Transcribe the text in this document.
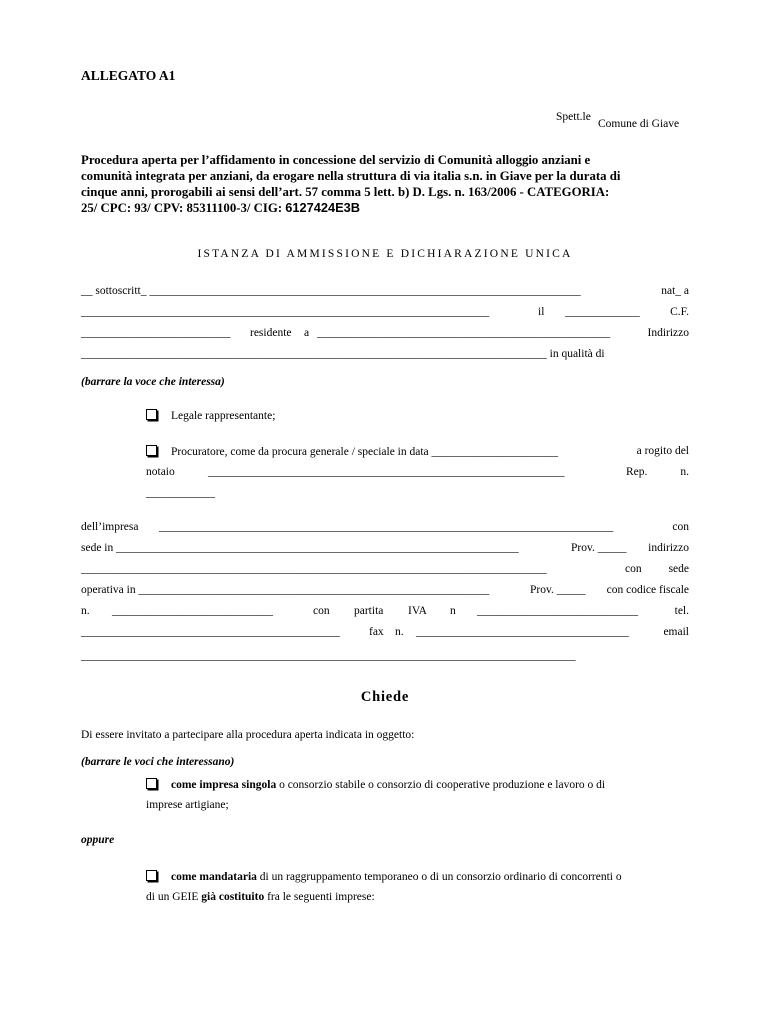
ALLEGATO A1
Spett.le
Comune di Giave
Procedura aperta per l’affidamento in concessione del servizio di Comunità alloggio anziani e
comunità integrata per anziani, da erogare nella struttura di via italia s.n. in Giave per la durata di
cinque anni, prorogabili ai sensi dell’art. 57 comma 5 lett. b) D. Lgs. n. 163/2006 - CATEGORIA:
25/ CPC: 93/ CPV: 85311100-3/ CIG: 6127424E3B
ISTANZA DI AMMISSIONE E DICHIARAZIONE UNICA
__ sottoscritt_ ___________________________________________________________________________	nat_ a
_______________________________________________________________________	il _____________	C.F.
__________________________ residente a ___________________________________________________	Indirizzo
_________________________________________________________________________________ in qualità di
(barrare la voce che interessa)
Legale rappresentante;
Procuratore, come da procura generale / speciale in data ______________________	a rogito del
notaio	______________________________________________________________	Rep.	n.
____________
dell’impresa _______________________________________________________________________________	con
sede in ______________________________________________________________________	Prov. _____ indirizzo
_________________________________________________________________________________	con sede
operativa in _____________________________________________________________	Prov. _____ con codice fiscale
n. ____________________________	con partita IVA n ____________________________	tel.
_____________________________________________	fax n. _____________________________________	email
______________________________________________________________________________________
Chiede
Di essere invitato a partecipare alla procedura aperta indicata in oggetto:
(barrare le voci che interessano)
come impresa singola o consorzio stabile o consorzio di cooperative produzione e lavoro o di
imprese artigiane;
oppure
come mandataria di un raggruppamento temporaneo o di un consorzio ordinario di concorrenti o
di un GEIE già costituito fra le seguenti imprese:
